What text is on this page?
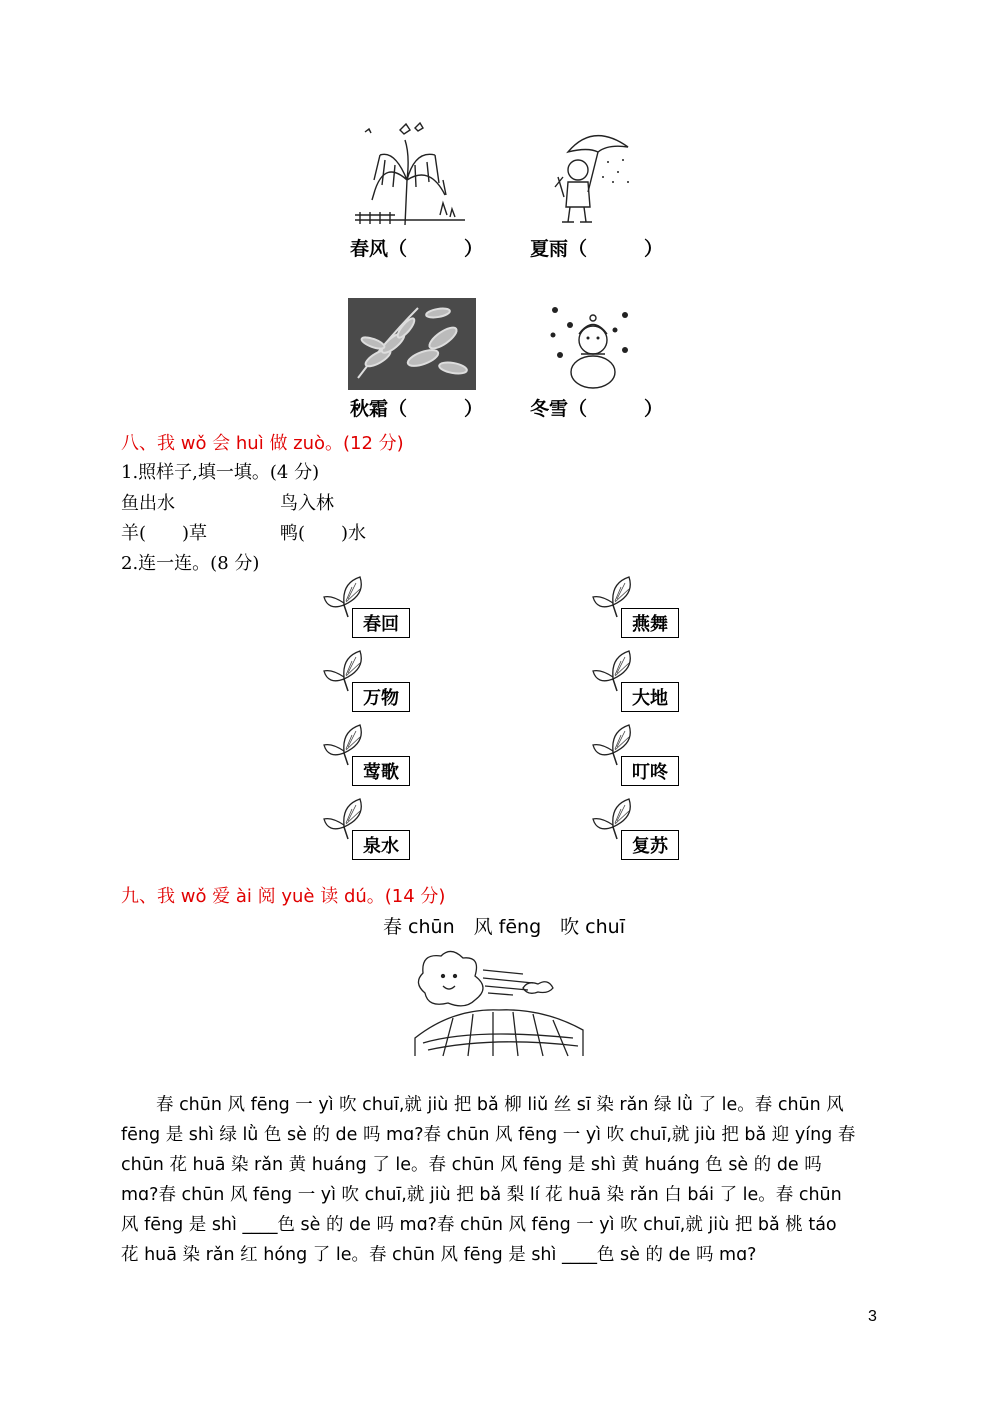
春风（　　　） 夏雨（　　　）
秋霜（　　　） 冬雪（　　　）
八、我 wǒ 会 huì 做 zuò。(12 分)
1.照样子,填一填。(4 分)
鱼出水	鸟入林
羊(　　)草	鸭(　　)水
2.连一连。(8 分)
春回
万物
莺歌
泉水
燕舞
大地
叮咚
复苏
九、我 wǒ 爱 ài 阅 yuè 读 dú。(14 分)
春 chūn　风 fēng　吹 chuī
　　春 chūn 风 fēng 一 yì 吹 chuī,就 jiù 把 bǎ 柳 liǔ 丝 sī 染 rǎn 绿 lǜ 了 le。春 chūn 风
fēng 是 shì 绿 lǜ 色 sè 的 de 吗 mɑ?春 chūn 风 fēng 一 yì 吹 chuī,就 jiù 把 bǎ 迎 yíng 春
chūn 花 huā 染 rǎn 黄 huáng 了 le。春 chūn 风 fēng 是 shì 黄 huáng 色 sè 的 de 吗
mɑ?春 chūn 风 fēng 一 yì 吹 chuī,就 jiù 把 bǎ 梨 lí 花 huā 染 rǎn 白 bái 了 le。春 chūn
风 fēng 是 shì ____色 sè 的 de 吗 mɑ?春 chūn 风 fēng 一 yì 吹 chuī,就 jiù 把 bǎ 桃 táo
花 huā 染 rǎn 红 hóng 了 le。春 chūn 风 fēng 是 shì ____色 sè 的 de 吗 mɑ?
3
